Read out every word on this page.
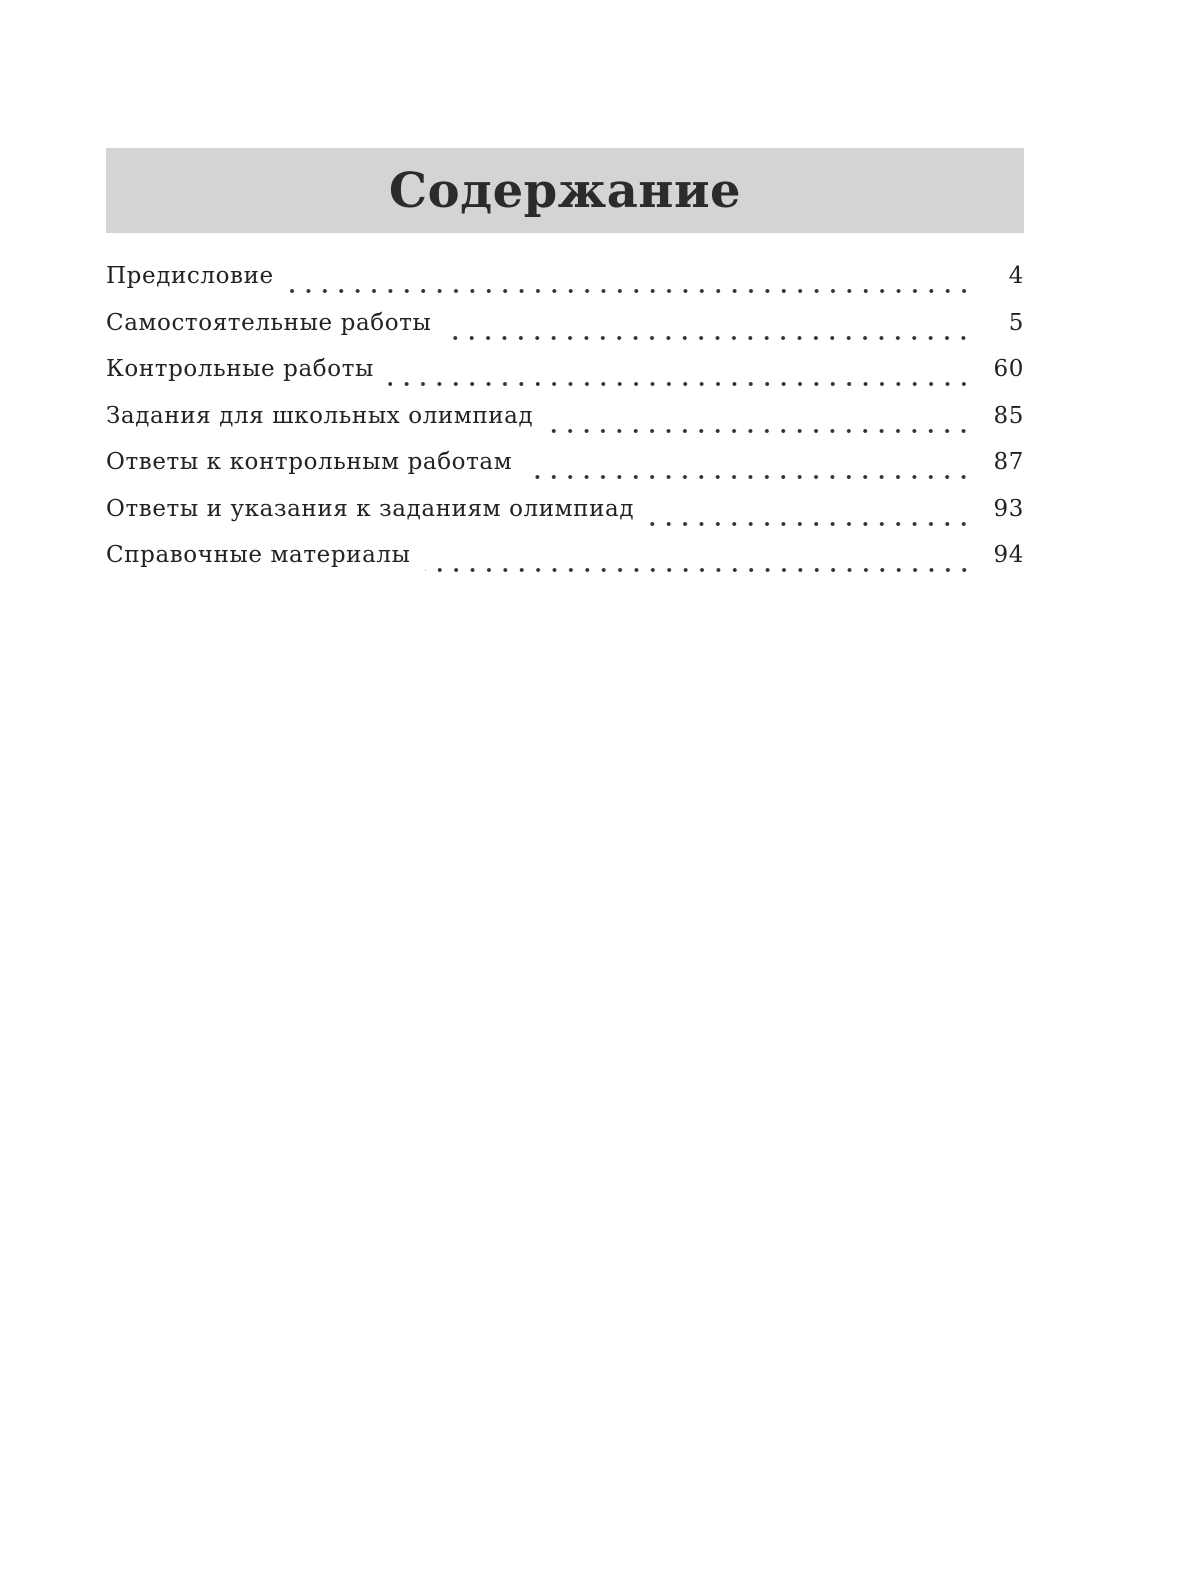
Содержание
Предисловие	4
Самостоятельные работы	5
Контрольные работы	60
Задания для школьных олимпиад	85
Ответы к контрольным работам	87
Ответы и указания к заданиям олимпиад	93
Справочные материалы	94
